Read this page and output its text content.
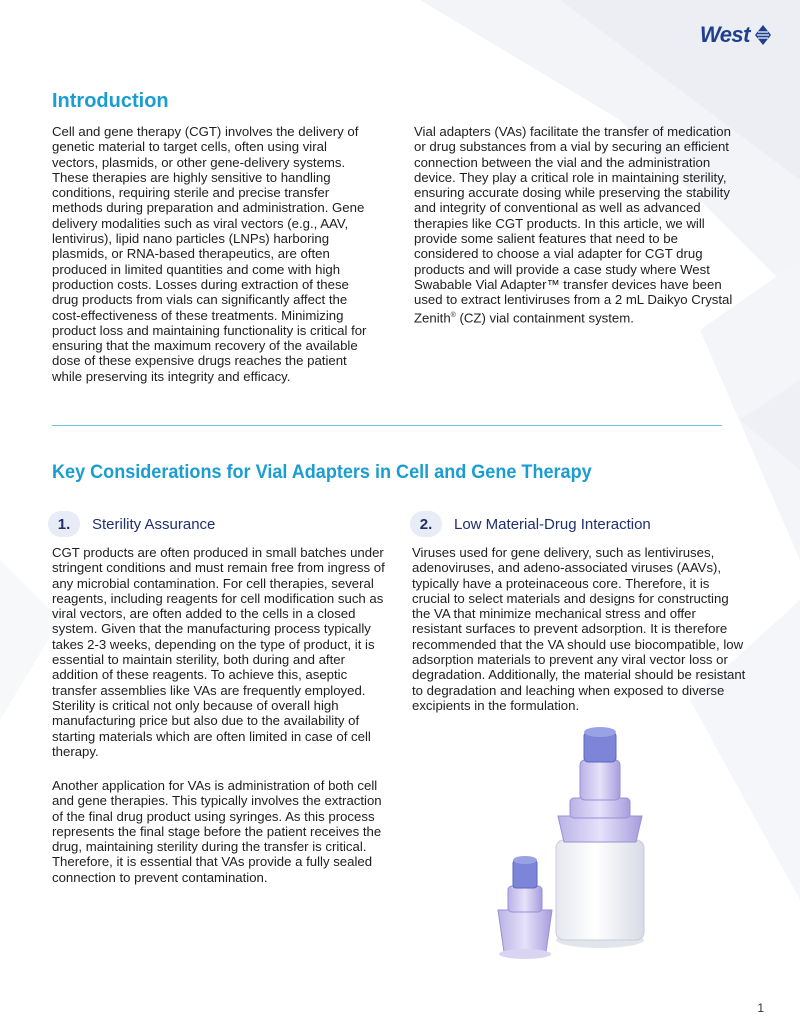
West
Introduction

Cell and gene therapy (CGT) involves the delivery of genetic material to target cells, often using viral vectors, plasmids, or other gene-delivery systems. These therapies are highly sensitive to handling conditions, requiring sterile and precise transfer methods during preparation and administration. Gene delivery modalities such as viral vectors (e.g., AAV, lentivirus), lipid nano particles (LNPs) harboring plasmids, or RNA-based therapeutics, are often produced in limited quantities and come with high production costs. Losses during extraction of these drug products from vials can significantly affect the cost-effectiveness of these treatments. Minimizing product loss and maintaining functionality is critical for ensuring that the maximum recovery of the available dose of these expensive drugs reaches the patient while preserving its integrity and efficacy.

Vial adapters (VAs) facilitate the transfer of medication or drug substances from a vial by securing an efficient connection between the vial and the administration device. They play a critical role in maintaining sterility, ensuring accurate dosing while preserving the stability and integrity of conventional as well as advanced therapies like CGT products. In this article, we will provide some salient features that need to be considered to choose a vial adapter for CGT drug products and will provide a case study where West Swabable Vial Adapter™ transfer devices have been used to extract lentiviruses from a 2 mL Daikyo Crystal Zenith® (CZ) vial containment system.

Key Considerations for Vial Adapters in Cell and Gene Therapy
1.	Sterility Assurance	2.	Low Material-Drug Interaction

CGT products are often produced in small batches under stringent conditions and must remain free from ingress of any microbial contamination. For cell therapies, several reagents, including reagents for cell modification such as viral vectors, are often added to the cells in a closed system. Given that the manufacturing process typically takes 2-3 weeks, depending on the type of product, it is essential to maintain sterility, both during and after addition of these reagents. To achieve this, aseptic transfer assemblies like VAs are frequently employed. Sterility is critical not only because of overall high manufacturing price but also due to the availability of starting materials which are often limited in case of cell therapy.

Another application for VAs is administration of both cell and gene therapies. This typically involves the extraction of the final drug product using syringes. As this process represents the final stage before the patient receives the drug, maintaining sterility during the transfer is critical. Therefore, it is essential that VAs provide a fully sealed connection to prevent contamination.

Viruses used for gene delivery, such as lentiviruses, adenoviruses, and adeno-associated viruses (AAVs), typically have a proteinaceous core. Therefore, it is crucial to select materials and designs for constructing the VA that minimize mechanical stress and offer resistant surfaces to prevent adsorption. It is therefore recommended that the VA should use biocompatible, low adsorption materials to prevent any viral vector loss or degradation. Additionally, the material should be resistant to degradation and leaching when exposed to diverse excipients in the formulation.

1
